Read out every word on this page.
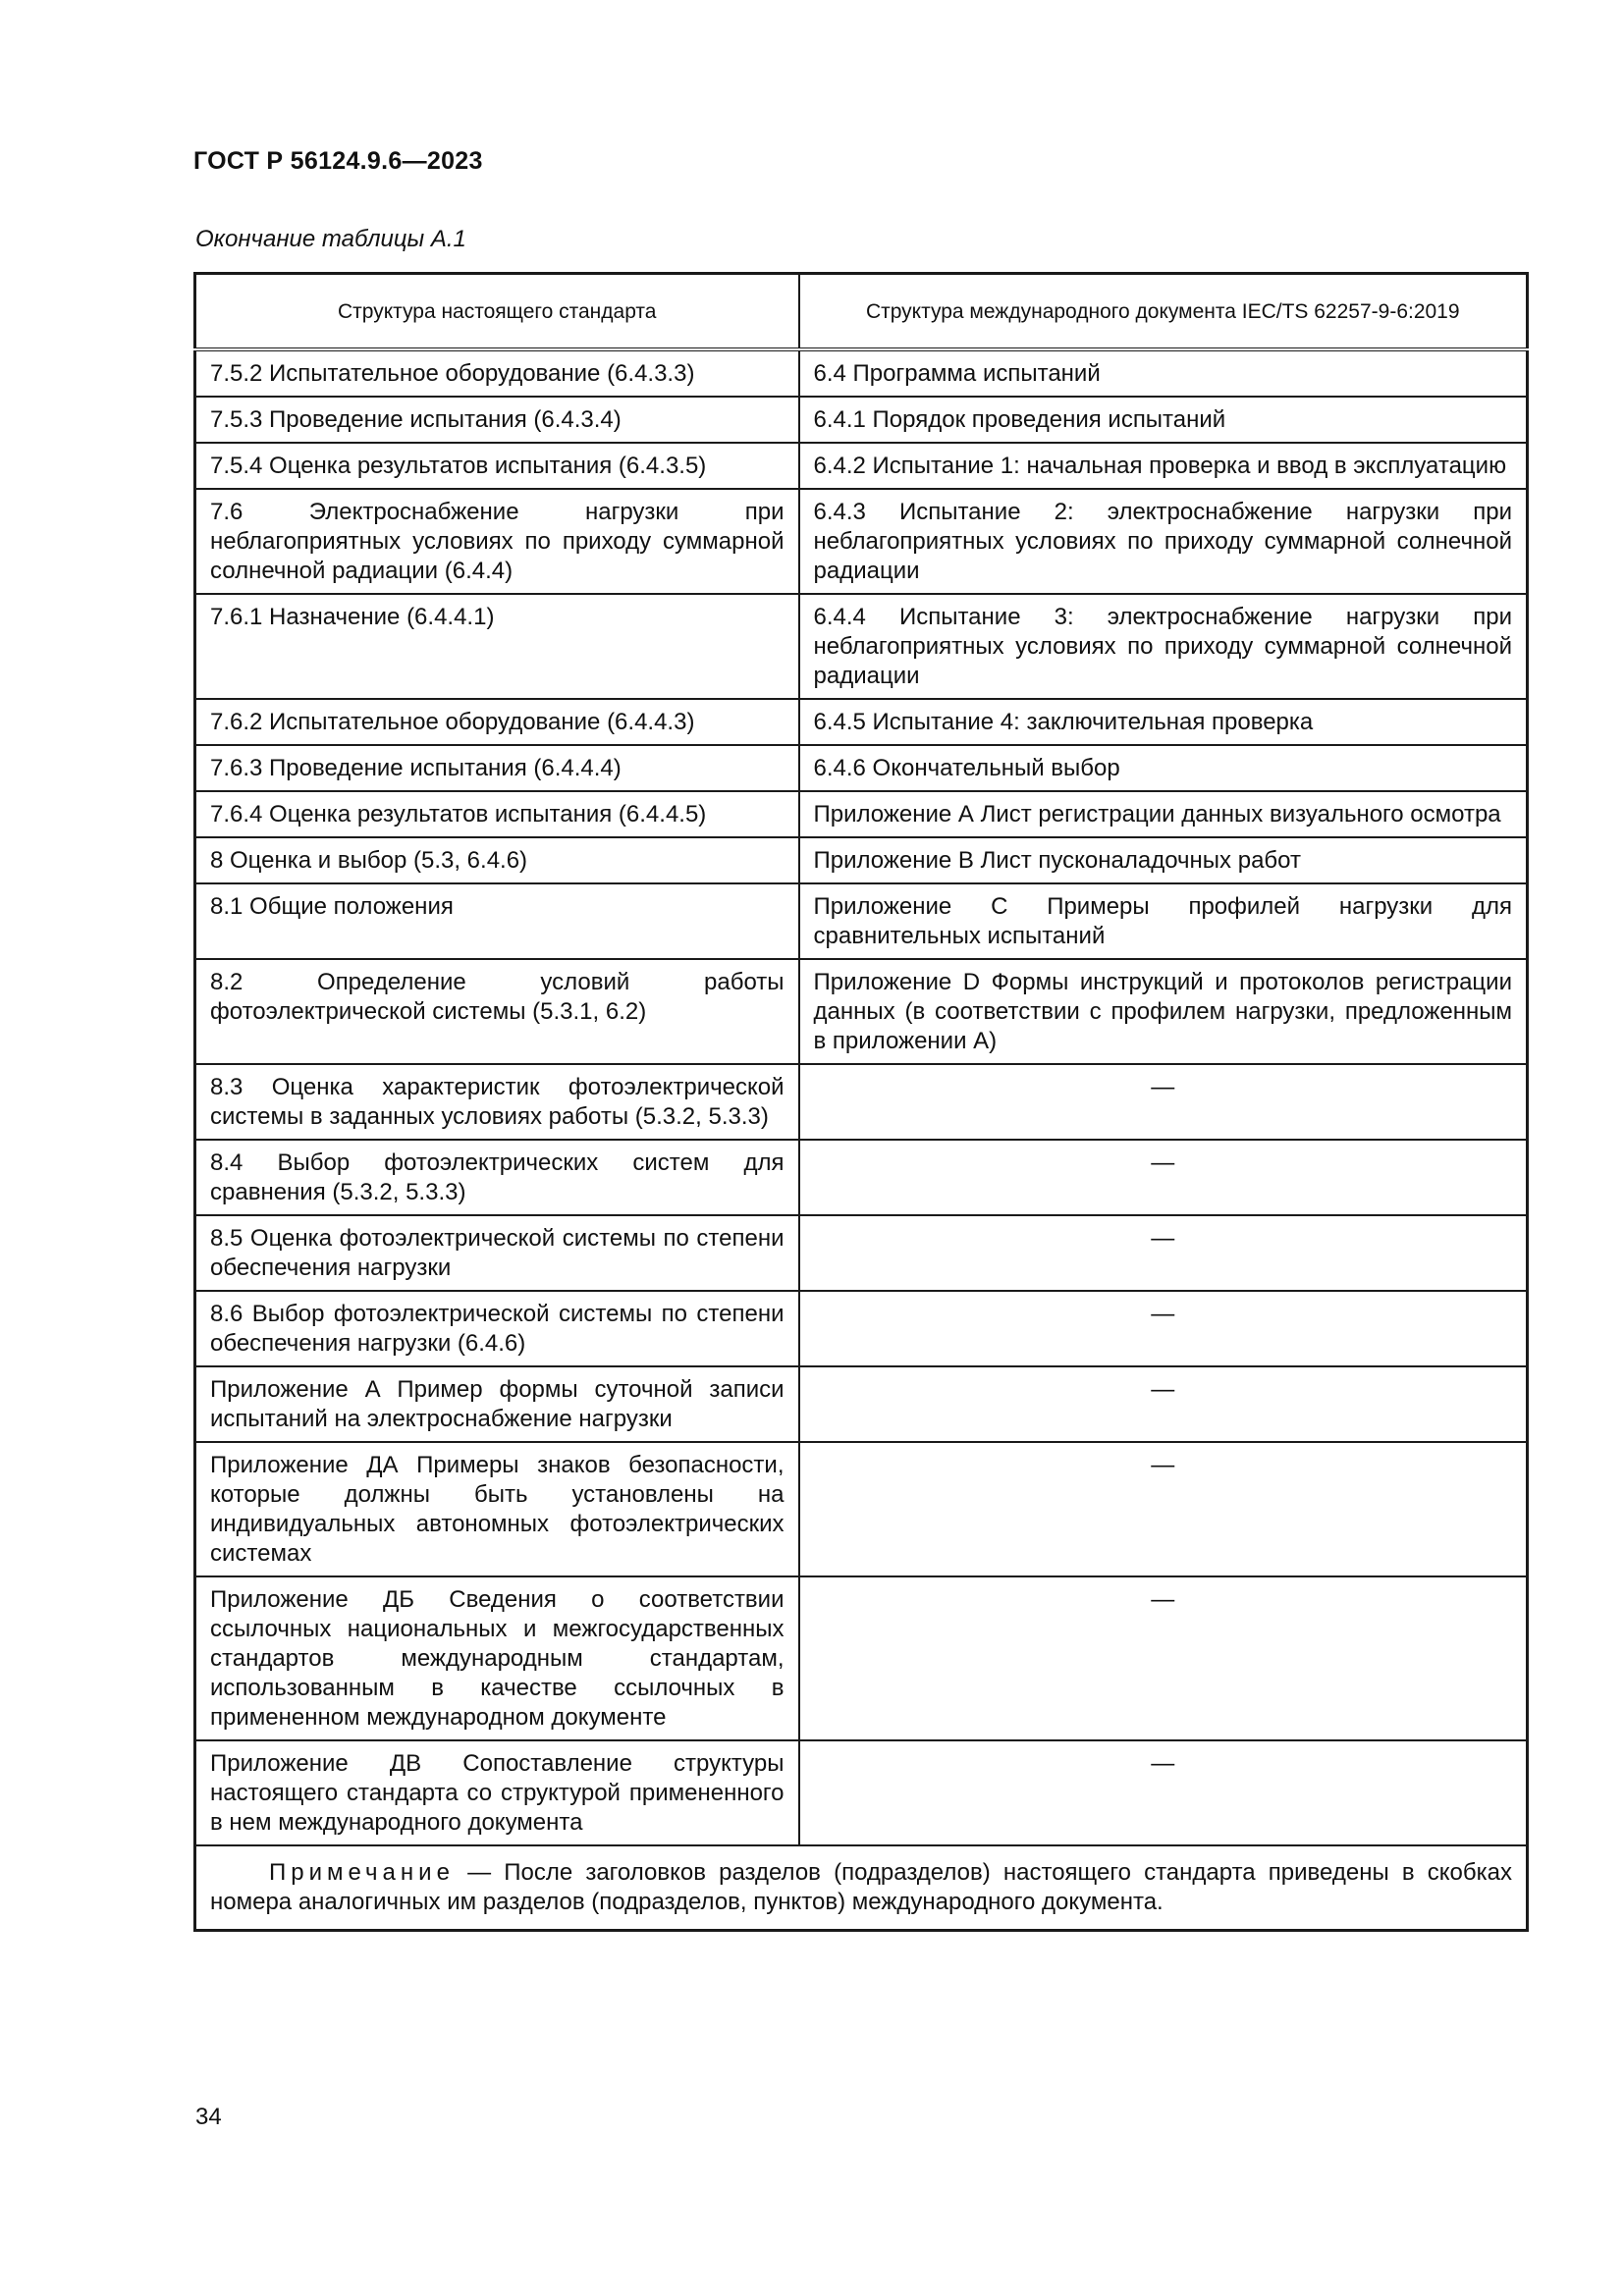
ГОСТ Р 56124.9.6—2023
Окончание таблицы А.1
Структура настоящего стандарта	Структура международного документа IEC/TS 62257-9-6:2019
7.5.2 Испытательное оборудование (6.4.3.3)	6.4 Программа испытаний
7.5.3 Проведение испытания (6.4.3.4)	6.4.1 Порядок проведения испытаний
7.5.4 Оценка результатов испытания (6.4.3.5)	6.4.2 Испытание 1: начальная проверка и ввод в эксплуатацию
7.6 Электроснабжение нагрузки при неблагоприятных условиях по приходу суммарной солнечной радиации (6.4.4)	6.4.3 Испытание 2: электроснабжение нагрузки при неблагоприятных условиях по приходу суммарной солнечной радиации
7.6.1 Назначение (6.4.4.1)	6.4.4 Испытание 3: электроснабжение нагрузки при неблагоприятных условиях по приходу суммарной солнечной радиации
7.6.2 Испытательное оборудование (6.4.4.3)	6.4.5 Испытание 4: заключительная проверка
7.6.3 Проведение испытания (6.4.4.4)	6.4.6 Окончательный выбор
7.6.4 Оценка результатов испытания (6.4.4.5)	Приложение А Лист регистрации данных визуального осмотра
8 Оценка и выбор (5.3, 6.4.6)	Приложение В Лист пусконаладочных работ
8.1 Общие положения	Приложение С Примеры профилей нагрузки для сравнительных испытаний
8.2 Определение условий работы фотоэлектрической системы (5.3.1, 6.2)	Приложение D Формы инструкций и протоколов регистрации данных (в соответствии с профилем нагрузки, предложенным в приложении А)
8.3 Оценка характеристик фотоэлектрической системы в заданных условиях работы (5.3.2, 5.3.3)	—
8.4 Выбор фотоэлектрических систем для сравнения (5.3.2, 5.3.3)	—
8.5 Оценка фотоэлектрической системы по степени обеспечения нагрузки	—
8.6 Выбор фотоэлектрической системы по степени обеспечения нагрузки (6.4.6)	—
Приложение А Пример формы суточной записи испытаний на электроснабжение нагрузки	—
Приложение ДА Примеры знаков безопасности, которые должны быть установлены на индивидуальных автономных фотоэлектрических системах	—
Приложение ДБ Сведения о соответствии ссылочных национальных и межгосударственных стандартов международным стандартам, использованным в качестве ссылочных в примененном международном документе	—
Приложение ДВ Сопоставление структуры настоящего стандарта со структурой примененного в нем международного документа	—
Примечание — После заголовков разделов (подразделов) настоящего стандарта приведены в скобках номера аналогичных им разделов (подразделов, пунктов) международного документа.	
34
